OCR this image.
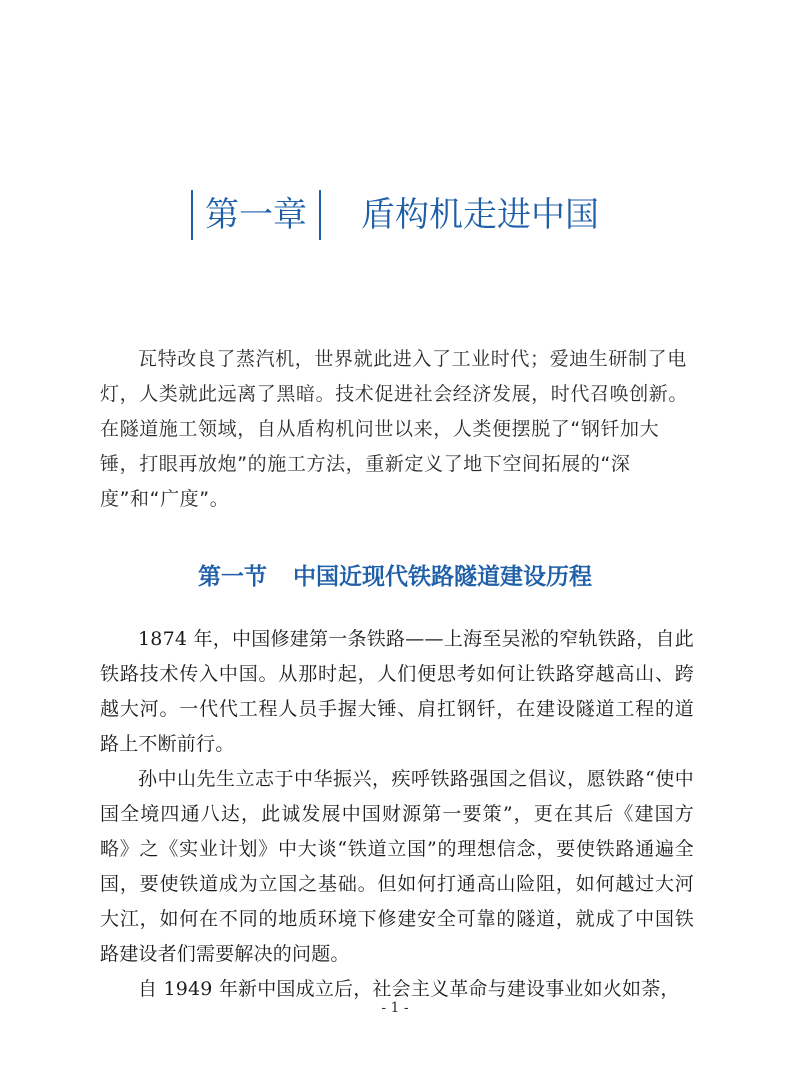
第一章 盾构机走进中国

瓦特改良了蒸汽机，世界就此进入了工业时代；爱迪生研制了电灯，人类就此远离了黑暗。技术促进社会经济发展，时代召唤创新。在隧道施工领域，自从盾构机问世以来，人类便摆脱了“钢钎加大锤，打眼再放炮”的施工方法，重新定义了地下空间拓展的“深度”和“广度”。

第一节 中国近现代铁路隧道建设历程

1874 年，中国修建第一条铁路——上海至吴淞的窄轨铁路，自此铁路技术传入中国。从那时起，人们便思考如何让铁路穿越高山、跨越大河。一代代工程人员手握大锤、肩扛钢钎，在建设隧道工程的道路上不断前行。

孙中山先生立志于中华振兴，疾呼铁路强国之倡议，愿铁路“使中国全境四通八达，此诚发展中国财源第一要策”，更在其后《建国方略》之《实业计划》中大谈“铁道立国”的理想信念，要使铁路通遍全国，要使铁道成为立国之基础。但如何打通高山险阻，如何越过大河大江，如何在不同的地质环境下修建安全可靠的隧道，就成了中国铁路建设者们需要解决的问题。

自 1949 年新中国成立后，社会主义革命与建设事业如火如荼，

- 1 -
